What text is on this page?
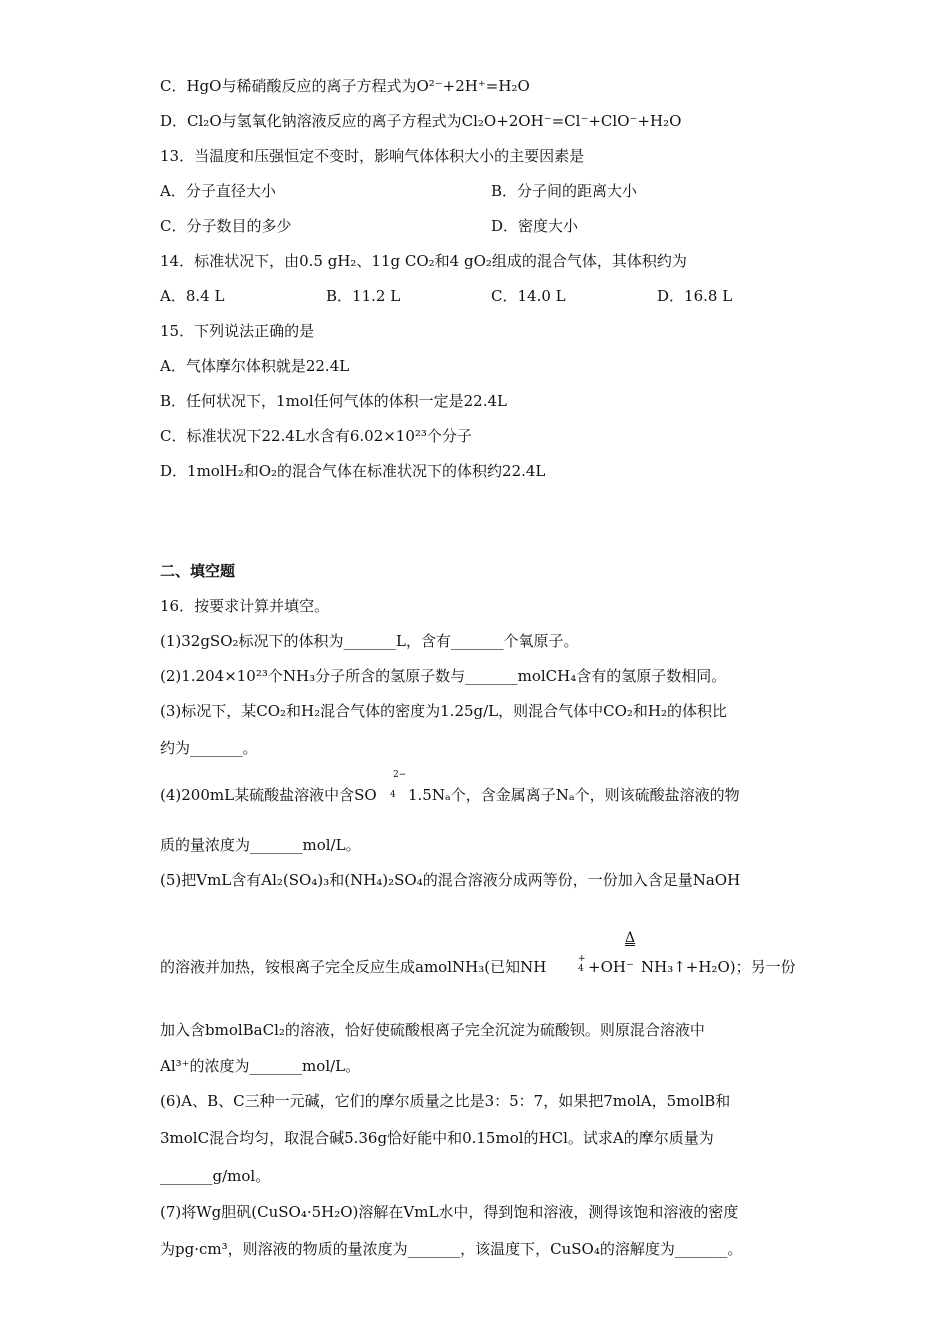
C．HgO与稀硝酸反应的离子方程式为O²⁻+2H⁺=H₂O
D．Cl₂O与氢氧化钠溶液反应的离子方程式为Cl₂O+2OH⁻=Cl⁻+ClO⁻+H₂O
13．当温度和压强恒定不变时，影响气体体积大小的主要因素是
A．分子直径大小	B．分子间的距离大小
C．分子数目的多少	D．密度大小
14．标准状况下，由0.5 gH₂、11g CO₂和4 gO₂组成的混合气体，其体积约为
A．8.4 L	B．11.2 L	C．14.0 L	D．16.8 L
15．下列说法正确的是
A．气体摩尔体积就是22.4L
B．任何状况下，1mol任何气体的体积一定是22.4L
C．标准状况下22.4L水含有6.02×10²³个分子
D．1molH₂和O₂的混合气体在标准状况下的体积约22.4L
二、填空题
16．按要求计算并填空。
(1)32gSO₂标况下的体积为_______L，含有_______个氧原子。
(2)1.204×10²³个NH₃分子所含的氢原子数与_______molCH₄含有的氢原子数相同。
(3)标况下，某CO₂和H₂混合气体的密度为1.25g/L，则混合气体中CO₂和H₂的体积比
约为_______。
2−
(4)200mL某硫酸盐溶液中含SO 4 1.5Nₐ个，含金属离子Nₐ个，则该硫酸盐溶液的物
质的量浓度为_______mol/L。
(5)把VmL含有Al₂(SO₄)₃和(NH₄)₂SO₄的混合溶液分成两等份，一份加入含足量NaOH
Δ
的溶液并加热，铵根离子完全反应生成amolNH₃(已知NH	+
4 +OH⁻ NH₃↑+H₂O)；另一份
加入含bmolBaCl₂的溶液，恰好使硫酸根离子完全沉淀为硫酸钡。则原混合溶液中
Al³⁺的浓度为_______mol/L。
(6)A、B、C三种一元碱，它们的摩尔质量之比是3：5：7，如果把7molA，5molB和
3molC混合均匀，取混合碱5.36g恰好能中和0.15mol的HCl。试求A的摩尔质量为
_______g/mol。
(7)将Wg胆矾(CuSO₄·5H₂O)溶解在VmL水中，得到饱和溶液，测得该饱和溶液的密度
为pg·cm³，则溶液的物质的量浓度为_______，该温度下，CuSO₄的溶解度为_______。
